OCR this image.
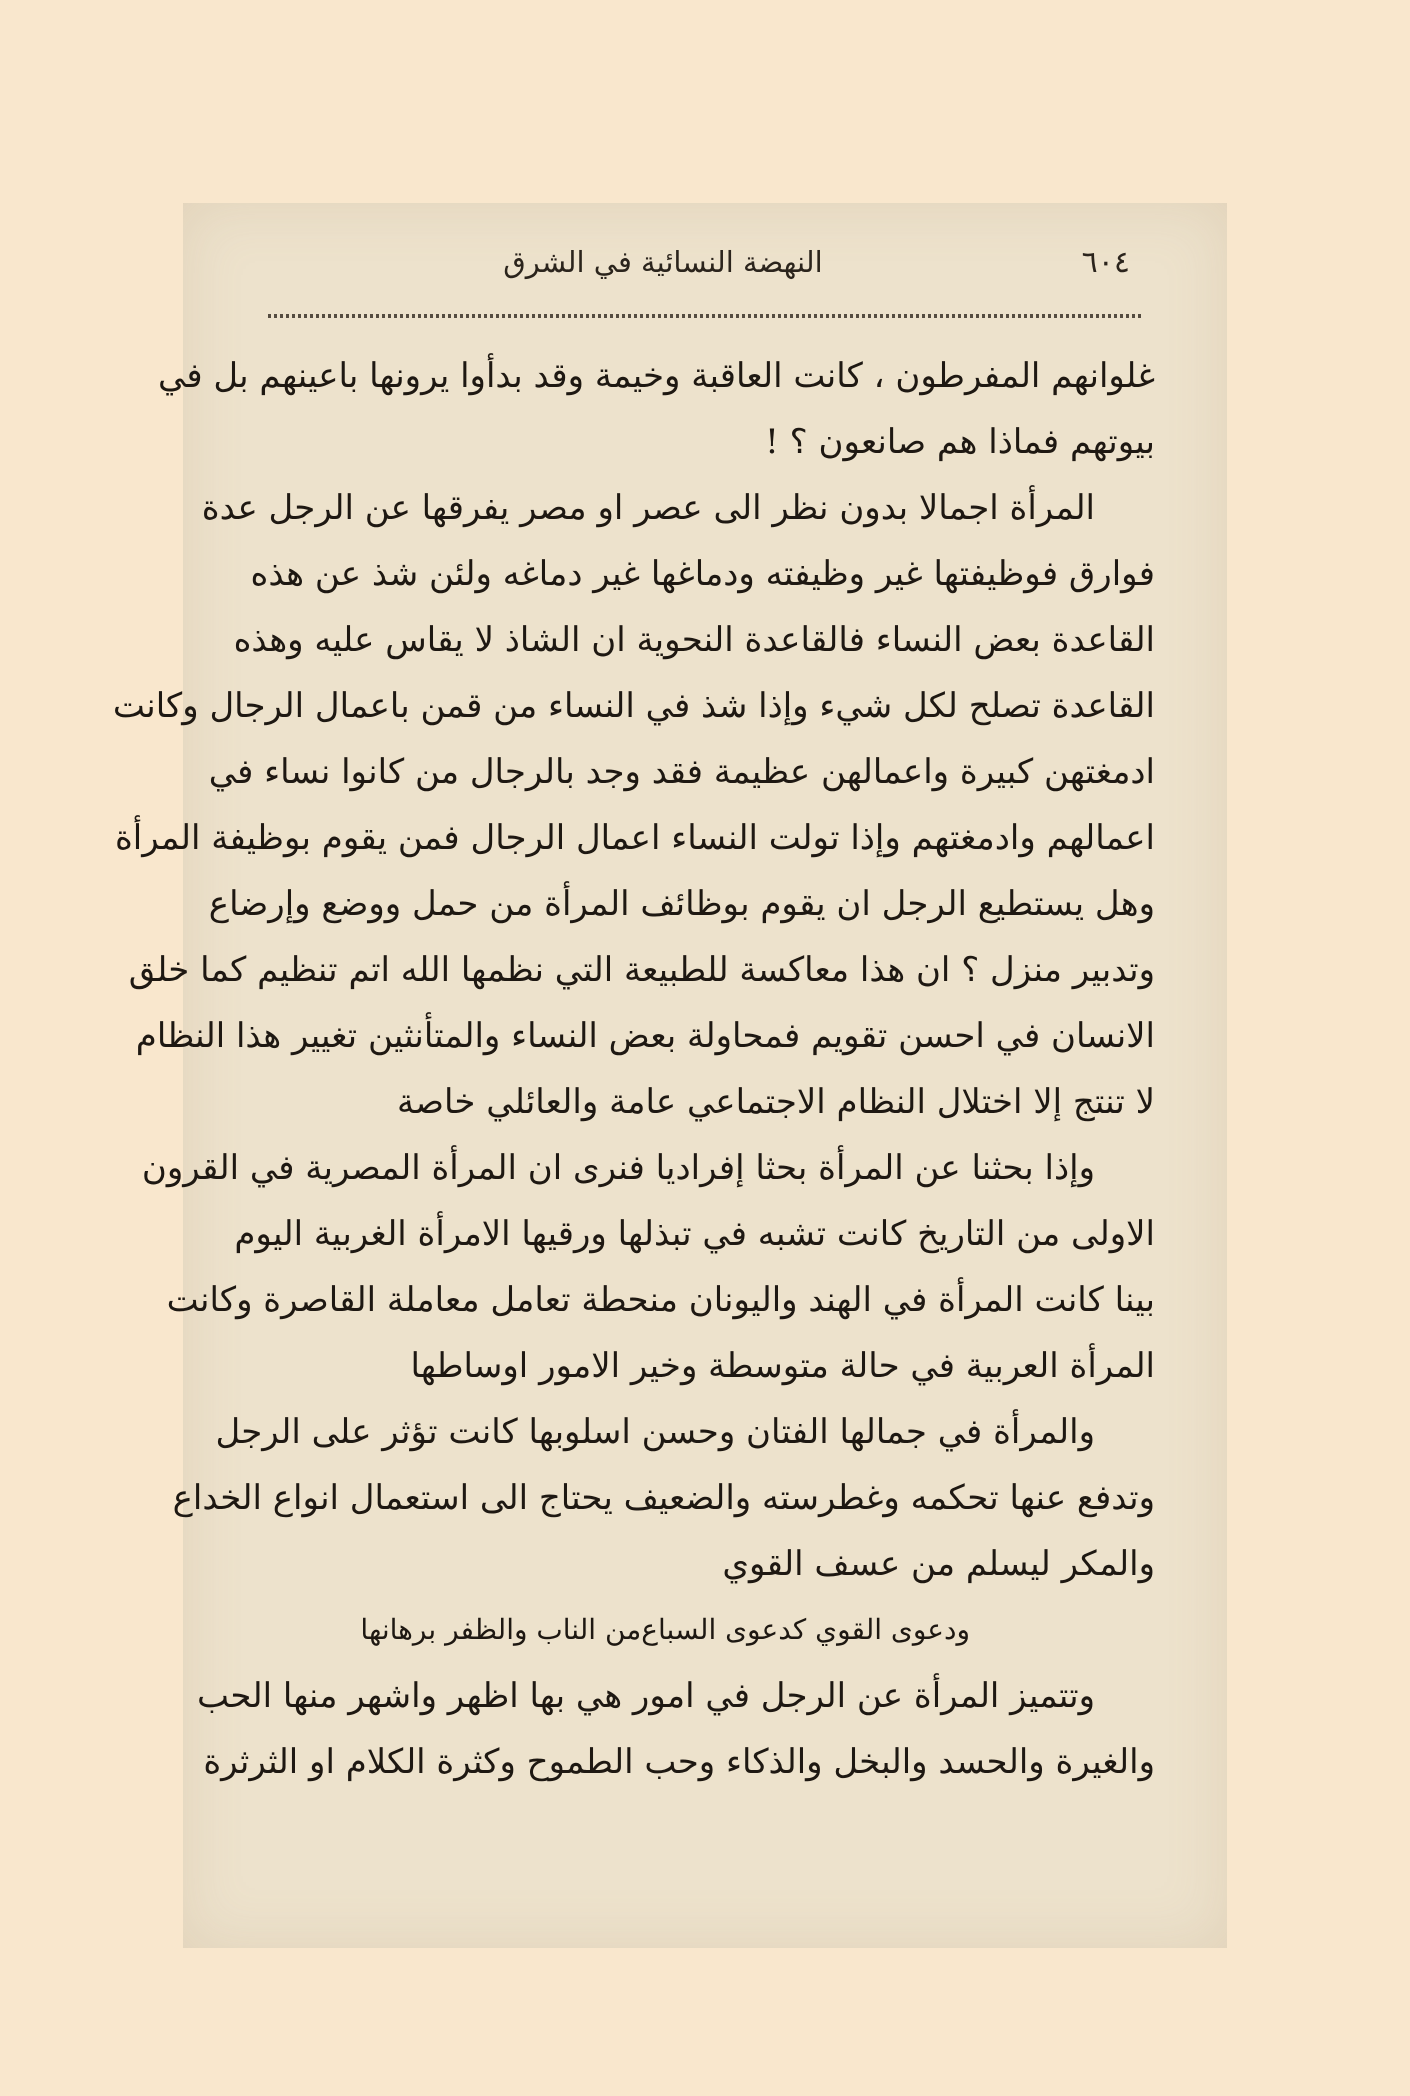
٦٠٤
النهضة النسائية في الشرق
غلوانهم المفرطون ، كانت العاقبة وخيمة وقد بدأوا يرونها باعينهم بل في
بيوتهم فماذا هم صانعون ؟ !
المرأة اجمالا بدون نظر الى عصر او مصر يفرقها عن الرجل عدة
فوارق فوظيفتها غير وظيفته ودماغها غير دماغه ولئن شذ عن هذه
القاعدة بعض النساء فالقاعدة النحوية ان الشاذ لا يقاس عليه وهذه
القاعدة تصلح لكل شيء وإذا شذ في النساء من قمن باعمال الرجال وكانت
ادمغتهن كبيرة واعمالهن عظيمة فقد وجد بالرجال من كانوا نساء في
اعمالهم وادمغتهم وإذا تولت النساء اعمال الرجال فمن يقوم بوظيفة المرأة
وهل يستطيع الرجل ان يقوم بوظائف المرأة من حمل ووضع وإرضاع
وتدبير منزل ؟ ان هذا معاكسة للطبيعة التي نظمها الله اتم تنظيم كما خلق
الانسان في احسن تقويم فمحاولة بعض النساء والمتأنثين تغيير هذا النظام
لا تنتج إلا اختلال النظام الاجتماعي عامة والعائلي خاصة
وإذا بحثنا عن المرأة بحثا إفراديا فنرى ان المرأة المصرية في القرون
الاولى من التاريخ كانت تشبه في تبذلها ورقيها الامرأة الغربية اليوم
بينا كانت المرأة في الهند واليونان منحطة تعامل معاملة القاصرة وكانت
المرأة العربية في حالة متوسطة وخير الامور اوساطها
والمرأة في جمالها الفتان وحسن اسلوبها كانت تؤثر على الرجل
وتدفع عنها تحكمه وغطرسته والضعيف يحتاج الى استعمال انواع الخداع
والمكر ليسلم من عسف القوي
ودعوى القوي كدعوى السباع
من الناب والظفر برهانها
وتتميز المرأة عن الرجل في امور هي بها اظهر واشهر منها الحب
والغيرة والحسد والبخل والذكاء وحب الطموح وكثرة الكلام او الثرثرة
